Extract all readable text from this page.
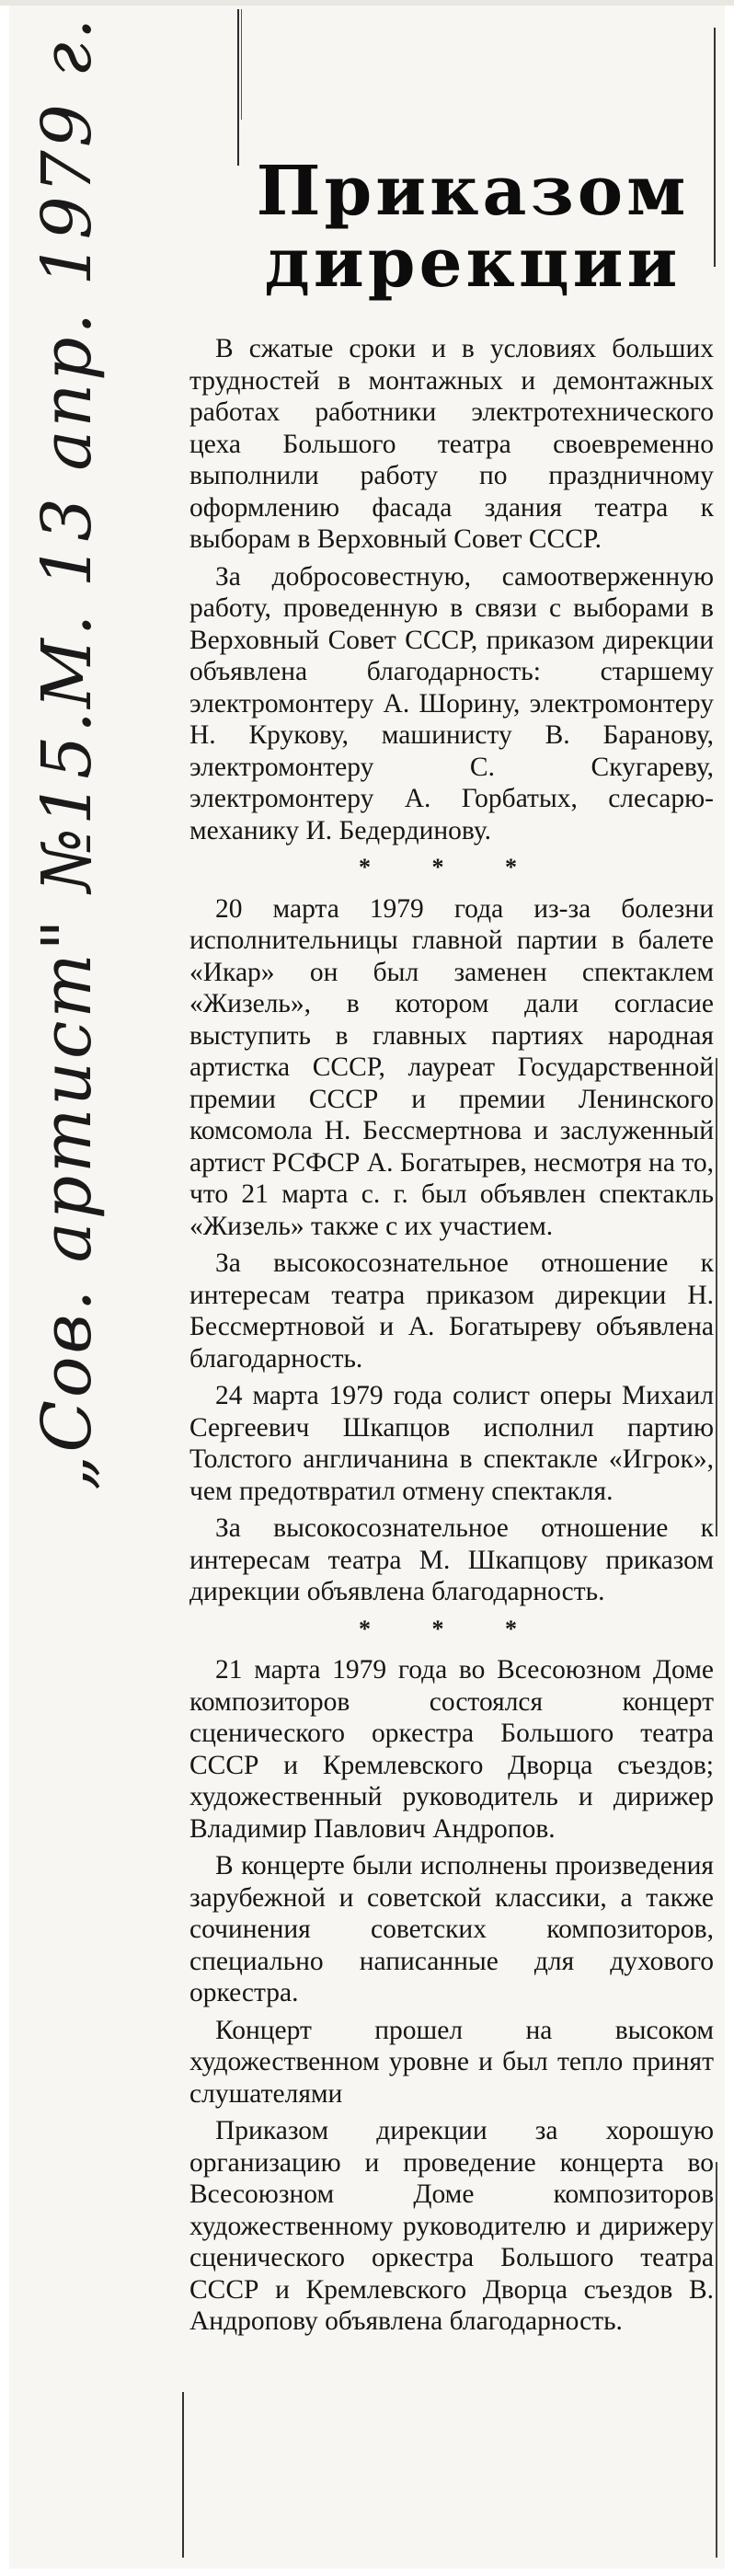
Приказом
дирекции

В сжатые сроки и в условиях больших трудностей в монтажных и демонтажных работах работники электротехнического цеха Большого театра своевременно выполнили работу по праздничному оформлению фасада здания театра к выборам в Верховный Совет СССР.

За добросовестную, самоотверженную работу, проведенную в связи с выборами в Верховный Совет СССР, приказом дирекции объявлена благодарность: старшему электромонтеру А. Шорину, электромонтеру Н. Крукову, машинисту В. Баранову, электромонтеру С. Скугареву, электромонтеру А. Горбатых, слесарю-механику И. Бедердинову.

* * *

20 марта 1979 года из-за болезни исполнительницы главной партии в балете «Икар» он был заменен спектаклем «Жизель», в котором дали согласие выступить в главных партиях народная артистка СССР, лауреат Государственной премии СССР и премии Ленинского комсомола Н. Бессмертнова и заслуженный артист РСФСР А. Богатырев, несмотря на то, что 21 марта с. г. был объявлен спектакль «Жизель» также с их участием.

За высокосознательное отношение к интересам театра приказом дирекции Н. Бессмертновой и А. Богатыреву объявлена благодарность.

24 марта 1979 года солист оперы Михаил Сергеевич Шкапцов исполнил партию Толстого англичанина в спектакле «Игрок», чем предотвратил отмену спектакля.

За высокосознательное отношение к интересам театра М. Шкапцову приказом дирекции объявлена благодарность.

* * *

21 марта 1979 года во Всесоюзном Доме композиторов состоялся концерт сценического оркестра Большого театра СССР и Кремлевского Дворца съездов; художественный руководитель и дирижер Владимир Павлович Андропов.

В концерте были исполнены произведения зарубежной и советской классики, а также сочинения советских композиторов, специально написанные для духового оркестра.

Концерт прошел на высоком художественном уровне и был тепло принят слушателями

Приказом дирекции за хорошую организацию и проведение концерта во Всесоюзном Доме композиторов художественному руководителю и дирижеру сценического оркестра Большого театра СССР и Кремлевского Дворца съездов В. Андропову объявлена благодарность.

„Сов. артист" №15.М. 13 апр. 1979 г.
